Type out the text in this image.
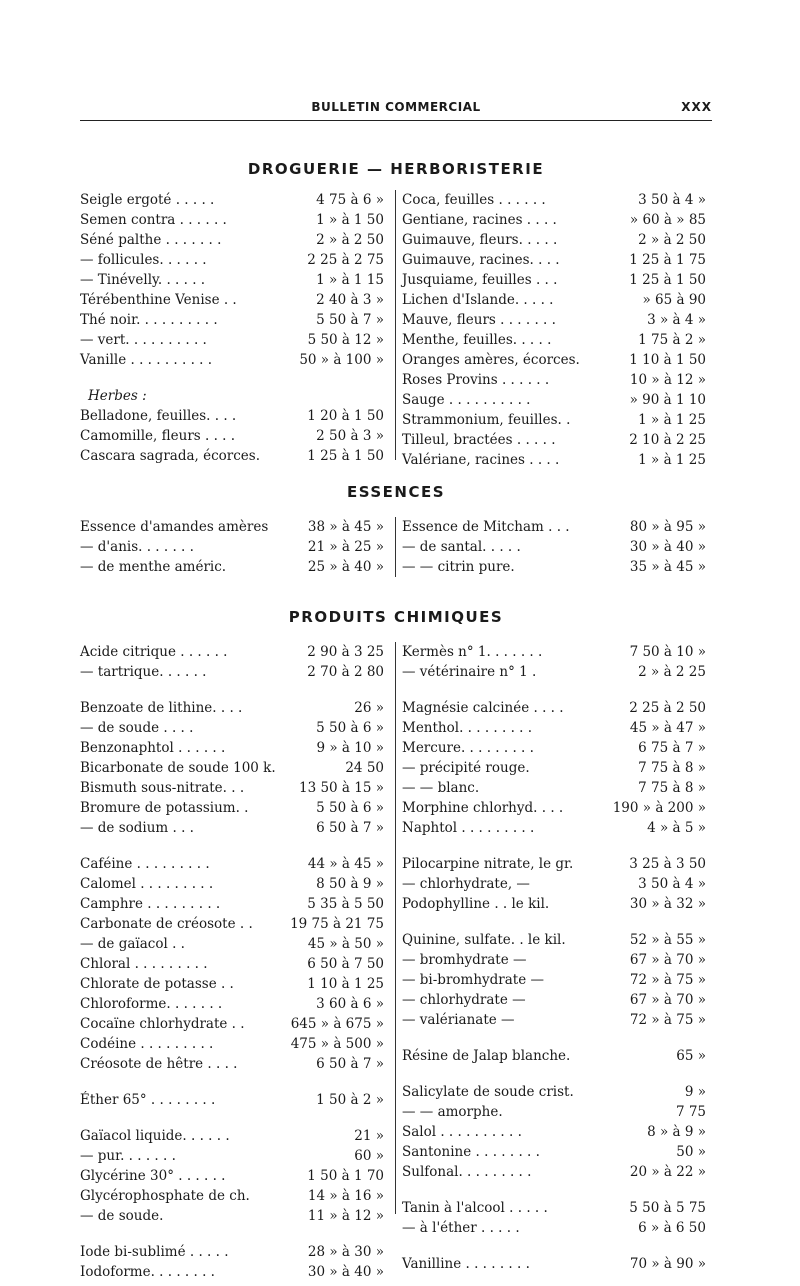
BULLETIN COMMERCIAL	XXX
DROGUERIE — HERBORISTERIE
Seigle ergoté . . . . .	4 75 à 6 »
Semen contra . . . . . .	1 » à 1 50
Séné palthe . . . . . . .	2 » à 2 50
— follicules. . . . . .	2 25 à 2 75
— Tinévelly. . . . . .	1 » à 1 15
Térébenthine Venise . .	2 40 à 3 »
Thé noir. . . . . . . . . .	5 50 à 7 »
— vert. . . . . . . . . .	5 50 à 12 »
Vanille . . . . . . . . . .	50 » à 100 »
Herbes :
Belladone, feuilles. . . .	1 20 à 1 50
Camomille, fleurs . . . .	2 50 à 3 »
Cascara sagrada, écorces.	1 25 à 1 50
Coca, feuilles . . . . . .	3 50 à 4 »
Gentiane, racines . . . .	» 60 à » 85
Guimauve, fleurs. . . . .	2 » à 2 50
Guimauve, racines. . . .	1 25 à 1 75
Jusquiame, feuilles . . .	1 25 à 1 50
Lichen d'Islande. . . . .	» 65 à 90
Mauve, fleurs . . . . . . .	3 » à 4 »
Menthe, feuilles. . . . .	1 75 à 2 »
Oranges amères, écorces.	1 10 à 1 50
Roses Provins . . . . . .	10 » à 12 »
Sauge . . . . . . . . . .	» 90 à 1 10
Strammonium, feuilles. .	1 » à 1 25
Tilleul, bractées . . . . .	2 10 à 2 25
Valériane, racines . . . .	1 » à 1 25
ESSENCES
Essence d'amandes amères	38 » à 45 »
— d'anis. . . . . . .	21 » à 25 »
— de menthe améric.	25 » à 40 »
Essence de Mitcham . . .	80 » à 95 »
— de santal. . . . .	30 » à 40 »
— — citrin pure.	35 » à 45 »
PRODUITS CHIMIQUES
Acide citrique . . . . . .	2 90 à 3 25
— tartrique. . . . . .	2 70 à 2 80
Benzoate de lithine. . . .	26 »
— de soude . . . .	5 50 à 6 »
Benzonaphtol . . . . . .	9 » à 10 »
Bicarbonate de soude 100 k.	24 50
Bismuth sous-nitrate. . .	13 50 à 15 »
Bromure de potassium. .	5 50 à 6 »
— de sodium . . .	6 50 à 7 »
Caféine . . . . . . . . .	44 » à 45 »
Calomel . . . . . . . . .	8 50 à 9 »
Camphre . . . . . . . . .	5 35 à 5 50
Carbonate de créosote . .	19 75 à 21 75
— de gaïacol . .	45 » à 50 »
Chloral . . . . . . . . .	6 50 à 7 50
Chlorate de potasse . .	1 10 à 1 25
Chloroforme. . . . . . .	3 60 à 6 »
Cocaïne chlorhydrate . .	645 » à 675 »
Codéine . . . . . . . . .	475 » à 500 »
Créosote de hêtre . . . .	6 50 à 7 »
Éther 65° . . . . . . . .	1 50 à 2 »
Gaïacol liquide. . . . . .	21 »
— pur. . . . . . .	60 »
Glycérine 30° . . . . . .	1 50 à 1 70
Glycérophosphate de ch.	14 » à 16 »
— de soude.	11 » à 12 »
Iode bi-sublimé . . . . .	28 » à 30 »
Iodoforme. . . . . . . .	30 » à 40 »
Kermès n° 1. . . . . . .	7 50 à 10 »
— vétérinaire n° 1 .	2 » à 2 25
Magnésie calcinée . . . .	2 25 à 2 50
Menthol. . . . . . . . .	45 » à 47 »
Mercure. . . . . . . . .	6 75 à 7 »
— précipité rouge.	7 75 à 8 »
— — blanc.	7 75 à 8 »
Morphine chlorhyd. . . .	190 » à 200 »
Naphtol . . . . . . . . .	4 » à 5 »
Pilocarpine nitrate, le gr.	3 25 à 3 50
— chlorhydrate, —	3 50 à 4 »
Podophylline . . le kil.	30 » à 32 »
Quinine, sulfate. . le kil.	52 » à 55 »
— bromhydrate —	67 » à 70 »
— bi-bromhydrate —	72 » à 75 »
— chlorhydrate —	67 » à 70 »
— valérianate —	72 » à 75 »
Résine de Jalap blanche.	65 »
Salicylate de soude crist.	9 »
— — amorphe.	7 75
Salol . . . . . . . . . .	8 » à 9 »
Santonine . . . . . . . .	50 »
Sulfonal. . . . . . . . .	20 » à 22 »
Tanin à l'alcool . . . . .	5 50 à 5 75
— à l'éther . . . . .	6 » à 6 50
Vanilline . . . . . . . .	70 » à 90 »
